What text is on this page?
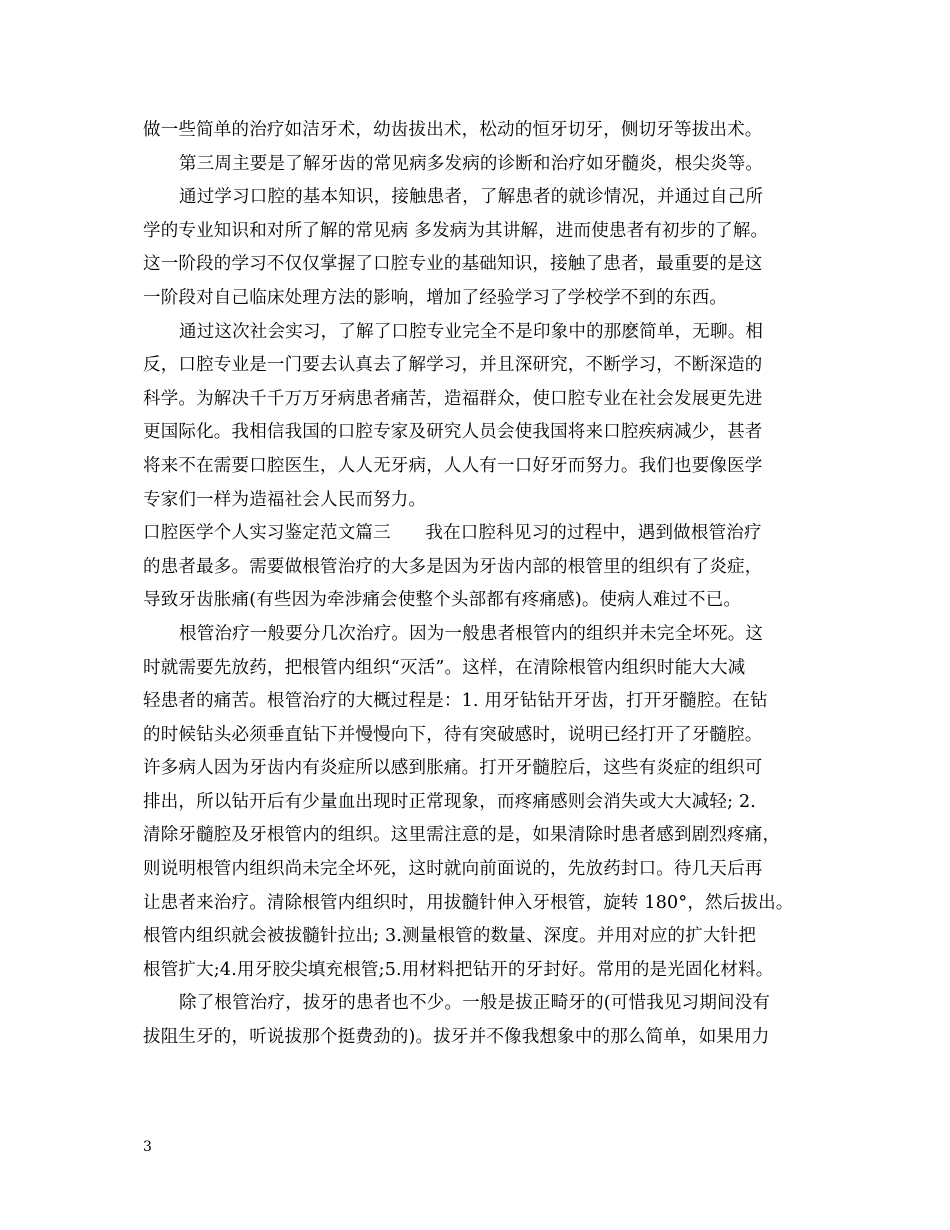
做一些简单的治疗如洁牙术，幼齿拔出术，松动的恒牙切牙，侧切牙等拔出术。
第三周主要是了解牙齿的常见病多发病的诊断和治疗如牙髓炎，根尖炎等。
通过学习口腔的基本知识，接触患者，了解患者的就诊情况，并通过自己所
学的专业知识和对所了解的常见病 多发病为其讲解，进而使患者有初步的了解。
这一阶段的学习不仅仅掌握了口腔专业的基础知识，接触了患者，最重要的是这
一阶段对自己临床处理方法的影响，增加了经验学习了学校学不到的东西。
通过这次社会实习，了解了口腔专业完全不是印象中的那麽简单，无聊。相
反，口腔专业是一门要去认真去了解学习，并且深研究，不断学习，不断深造的
科学。为解决千千万万牙病患者痛苦，造福群众，使口腔专业在社会发展更先进
更国际化。我相信我国的口腔专家及研究人员会使我国将来口腔疾病减少，甚者
将来不在需要口腔医生，人人无牙病，人人有一口好牙而努力。我们也要像医学
专家们一样为造福社会人民而努力。
口腔医学个人实习鉴定范文篇三      我在口腔科见习的过程中，遇到做根管治疗
的患者最多。需要做根管治疗的大多是因为牙齿内部的根管里的组织有了炎症，
导致牙齿胀痛(有些因为牵涉痛会使整个头部都有疼痛感)。使病人难过不已。
根管治疗一般要分几次治疗。因为一般患者根管内的组织并未完全坏死。这
时就需要先放药，把根管内组织“灭活”。这样，在清除根管内组织时能大大减
轻患者的痛苦。根管治疗的大概过程是：1. 用牙钻钻开牙齿，打开牙髓腔。在钻
的时候钻头必须垂直钻下并慢慢向下，待有突破感时，说明已经打开了牙髓腔。
许多病人因为牙齿内有炎症所以感到胀痛。打开牙髓腔后，这些有炎症的组织可
排出，所以钻开后有少量血出现时正常现象，而疼痛感则会消失或大大减轻; 2.
清除牙髓腔及牙根管内的组织。这里需注意的是，如果清除时患者感到剧烈疼痛，
则说明根管内组织尚未完全坏死，这时就向前面说的，先放药封口。待几天后再
让患者来治疗。清除根管内组织时，用拔髓针伸入牙根管，旋转 180°，然后拔出。
根管内组织就会被拔髓针拉出; 3.测量根管的数量、深度。并用对应的扩大针把
根管扩大;4.用牙胶尖填充根管;5.用材料把钻开的牙封好。常用的是光固化材料。
除了根管治疗，拔牙的患者也不少。一般是拔正畸牙的(可惜我见习期间没有
拔阻生牙的，听说拔那个挺费劲的)。拔牙并不像我想象中的那么简单，如果用力
3
